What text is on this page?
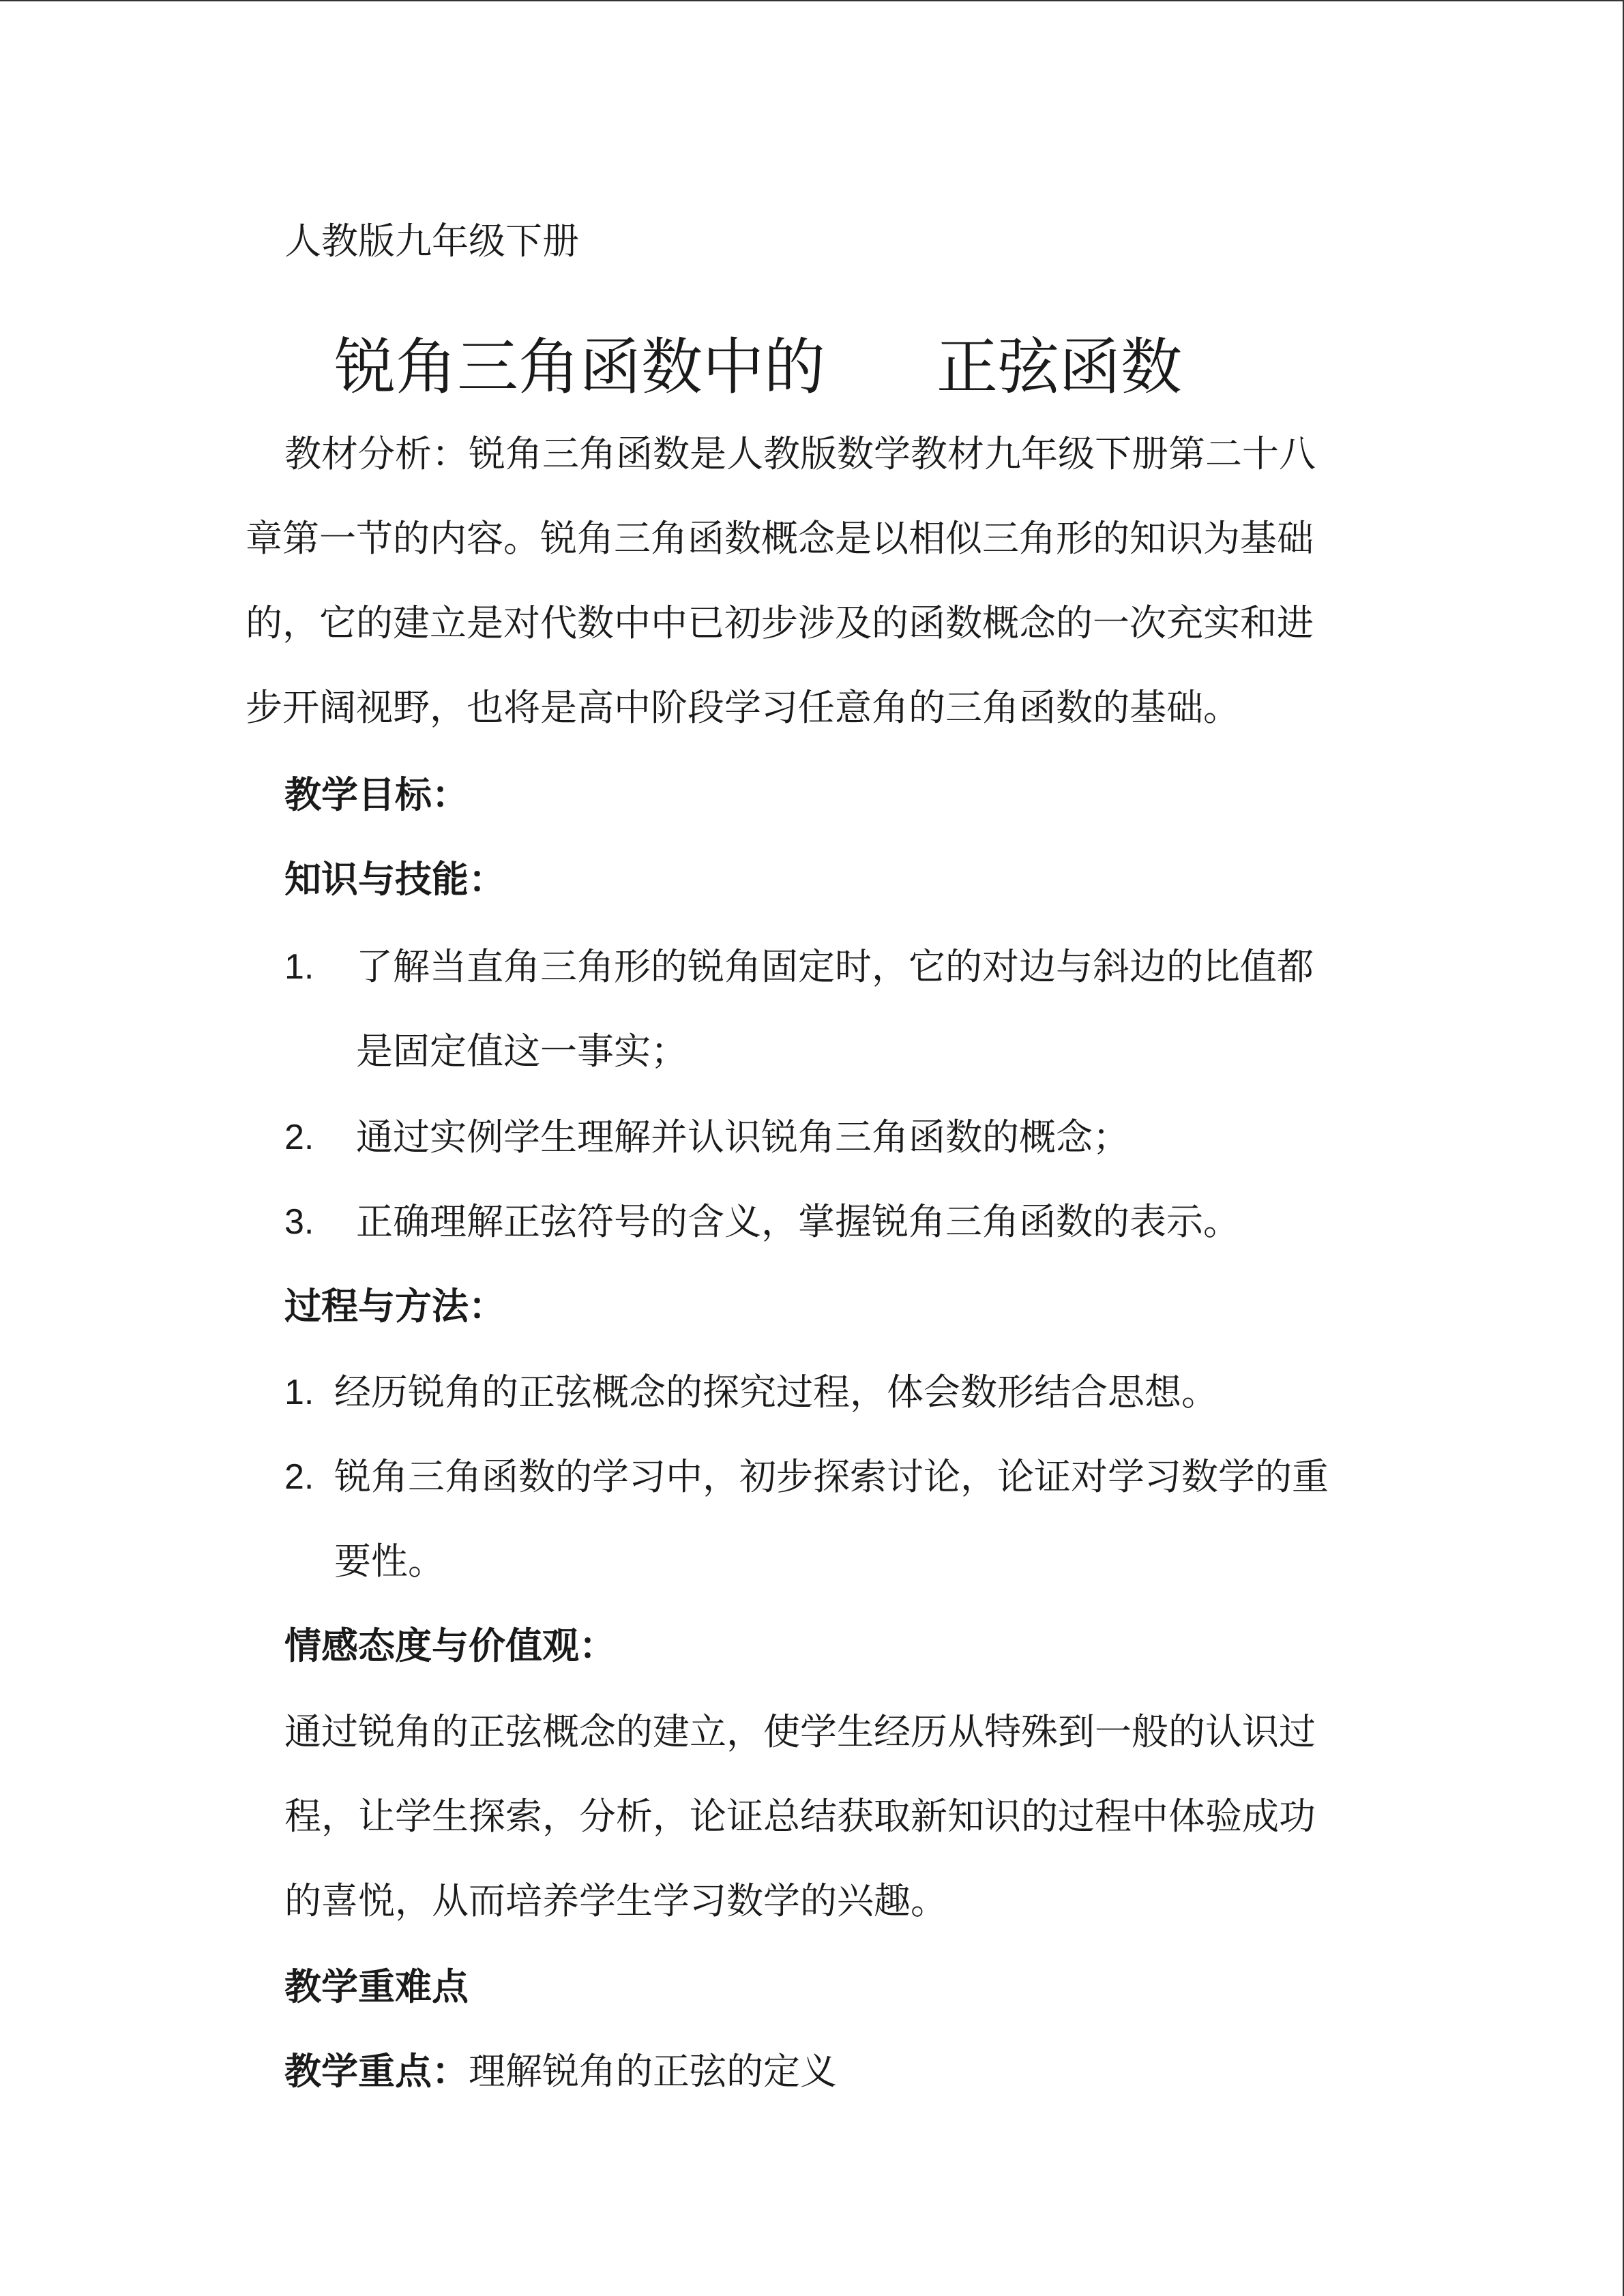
人教版九年级下册
锐角三角函数中的 正弦函数
教材分析：锐角三角函数是人教版数学教材九年级下册第二十八
章第一节的内容。锐角三角函数概念是以相似三角形的知识为基础
的，它的建立是对代数中中已初步涉及的函数概念的一次充实和进
步开阔视野，也将是高中阶段学习任意角的三角函数的基础。
教学目标：
知识与技能：
1. 了解当直角三角形的锐角固定时，它的对边与斜边的比值都
是固定值这一事实；
2. 通过实例学生理解并认识锐角三角函数的概念；
3. 正确理解正弦符号的含义，掌握锐角三角函数的表示。
过程与方法：
1. 经历锐角的正弦概念的探究过程，体会数形结合思想。
2. 锐角三角函数的学习中，初步探索讨论，论证对学习数学的重
要性。
情感态度与价值观：
通过锐角的正弦概念的建立，使学生经历从特殊到一般的认识过
程，让学生探索，分析，论证总结获取新知识的过程中体验成功
的喜悦，从而培养学生学习数学的兴趣。
教学重难点
教学重点：理解锐角的正弦的定义
